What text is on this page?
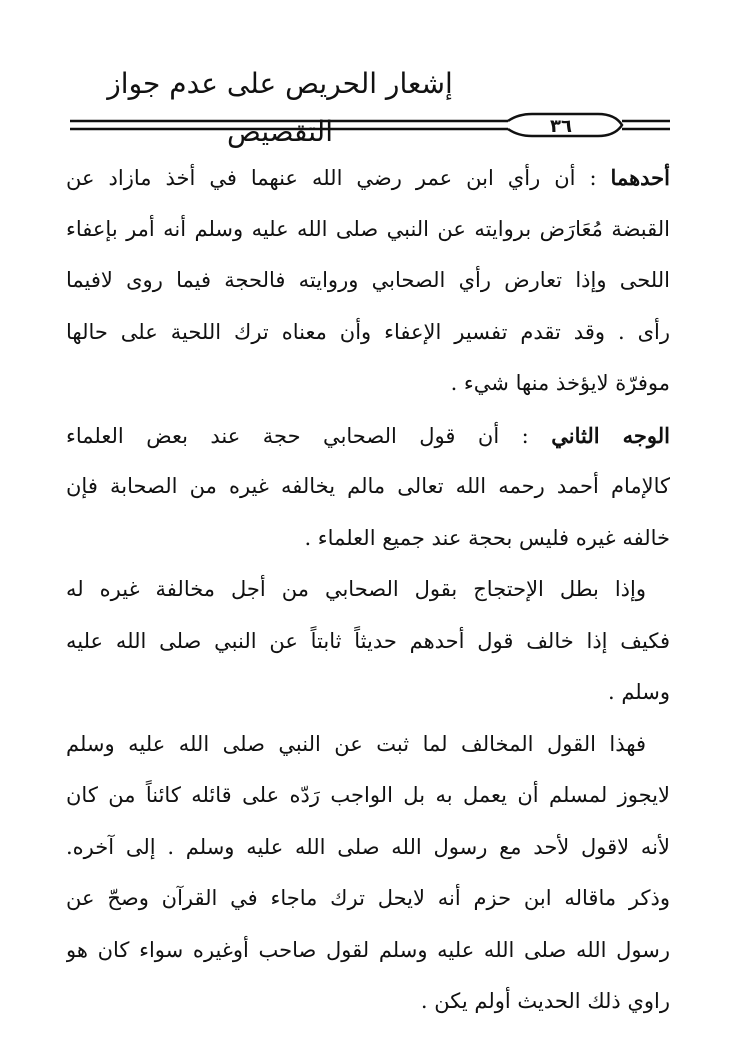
إشعار الحريص على عدم جواز التقصيص	٣٦
أحدهما : أن رأي ابن عمر رضي الله عنهما في أخذ مازاد عن
القبضة مُعَارَض بروايته عن النبي صلى الله عليه وسلم أنه أمر بإعفاء
اللحى وإذا تعارض رأي الصحابي وروايته فالحجة فيما روى لافيما
رأى . وقد تقدم تفسير الإعفاء وأن معناه ترك اللحية على حالها
موفرّة لايؤخذ منها شيء .
الوجه الثاني : أن قول الصحابي حجة عند بعض العلماء
كالإمام أحمد رحمه الله تعالى مالم يخالفه غيره من الصحابة فإن
خالفه غيره فليس بحجة عند جميع العلماء .
وإذا بطل الإحتجاج بقول الصحابي من أجل مخالفة غيره له
فكيف إذا خالف قول أحدهم حديثاً ثابتاً عن النبي صلى الله عليه
وسلم .
فهذا القول المخالف لما ثبت عن النبي صلى الله عليه وسلم
لايجوز لمسلم أن يعمل به بل الواجب رَدّه على قائله كائناً من كان
لأنه لاقول لأحد مع رسول الله صلى الله عليه وسلم . إلى آخره.
وذكر ماقاله ابن حزم أنه لايحل ترك ماجاء في القرآن وصحّ عن
رسول الله صلى الله عليه وسلم لقول صاحب أوغيره سواء كان هو
راوي ذلك الحديث أولم يكن .
